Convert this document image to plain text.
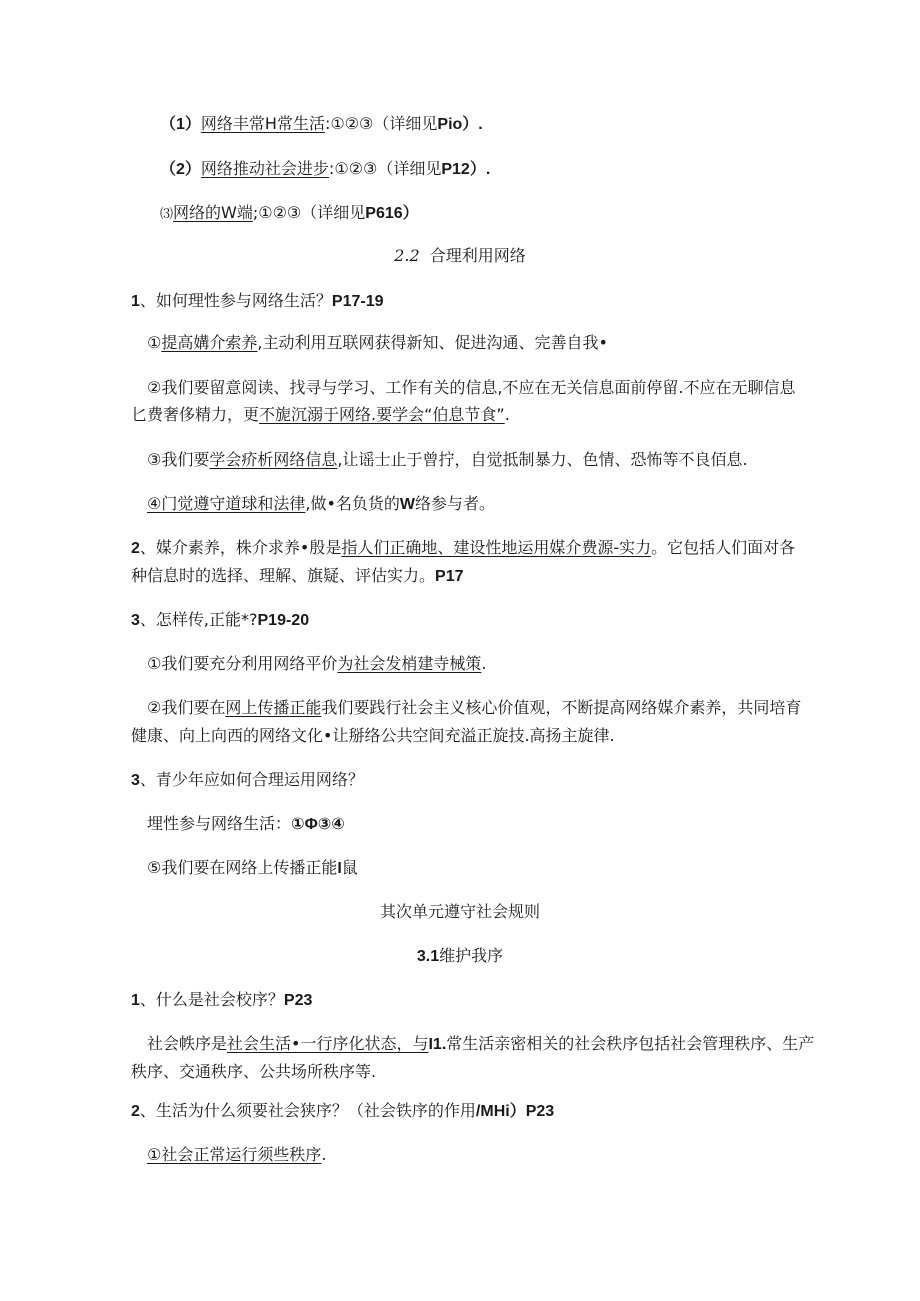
（1）网络丰常H常生活:①②③（详细见Pio）.
（2）网络推动社会进步:①②③（详细见P12）.
⑶网络的W端;①②③（详细见P616）
2.2 合理利用网络
1、如何理性参与网络生活？P17-19
①提高媾介索养,主动利用互联网获得新知、促进沟通、完善自我•
②我们要留意阅读、找寻与学习、工作有关的信息,不应在无关信息面前停留.不应在无聊信息
匕费奢侈精力，更不旎沉溺于网络.要学会“伯息节食”.
③我们要学会疥析网络信息,让谣士止于曾拧，自觉抵制暴力、色情、恐怖等不良佰息.
④门觉遵守道球和法律,做•名负货的W络参与者。
2、媒介素养，株介求养•殷是指人们正确地、建设性地运用媒介费源-实力。它包括人们面对各
种信息时的选择、理解、旗疑、评估实力。P17
3、怎样传,正能*?P19-20
①我们要充分利用网络平价为社会发梢建寺械策.
②我们要在网上传播正能我们要践行社会主义核心价值观，不断提高网络媒介素养，共同培育
健康、向上向西的网络文化•让掰络公共空间充溢正旋技.高扬主旋律.
3、青少年应如何合理运用网络？
埋性参与网络生活：①Φ③④
⑤我们要在网络上传播正能I鼠
其次单元遵守社会规则
3.1维护我序
1、什么是社会校序？P23
社会帙序是社会生活•一行序化状态，与I1.常生活亲密相关的社会秩序包括社会管理秩序、生产
秩序、交通秩序、公共场所秩序等.
2、生活为什么须要社会狭序？（社会铁序的作用/MHi）P23
①社会正常运行须些秩序.
